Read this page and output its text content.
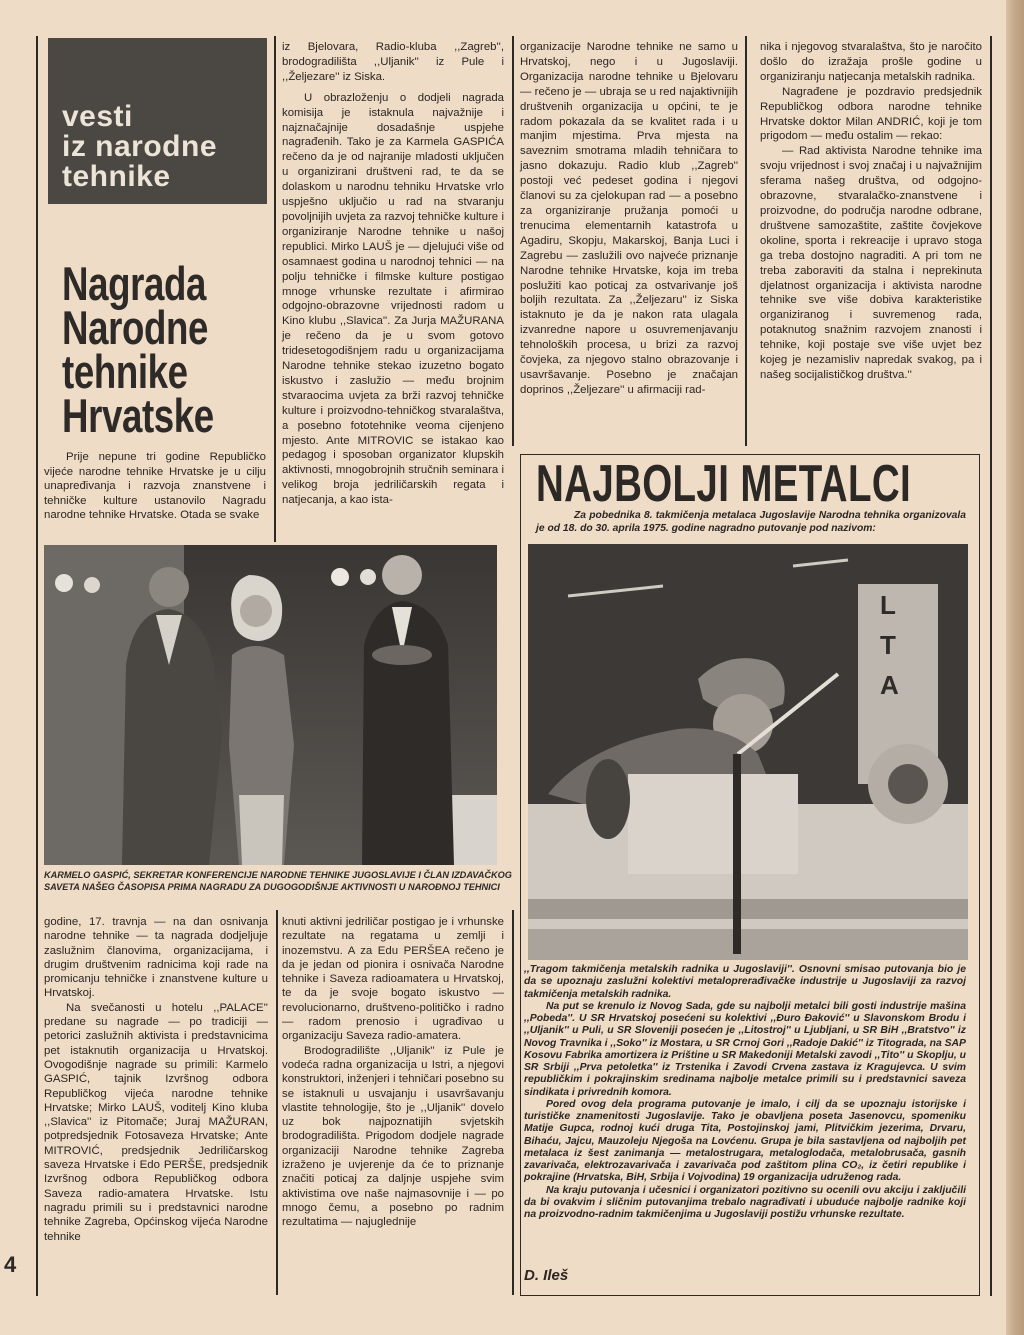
vesti
iz narodne
tehnike
Nagrada
Narodne
tehnike
Hrvatske

Prije nepune tri godine Republičko vijeće narodne tehnike Hrvatske je u cilju unapređivanja i razvoja znanstvene i tehničke kulture ustanovilo Nagradu narodne tehnike Hrvatske. Otada se svake

iz Bjelovara, Radio-kluba ,,Zagreb'', brodogradilišta ,,Uljanik'' iz Pule i ,,Željezare'' iz Siska.

U obrazloženju o dodjeli nagrada komisija je istaknula najvažnije i najznačajnije dosadašnje uspjehe nagrađenih. Tako je za Karmela GASPIĆA rečeno da je od najranije mladosti uključen u organizirani društveni rad, te da se dolaskom u narodnu tehniku Hrvatske vrlo uspješno uključio u rad na stvaranju povoljnijih uvjeta za razvoj tehničke kulture i organiziranje Narodne tehnike u našoj republici. Mirko LAUŠ je — djelujući više od osamnaest godina u narodnoj tehnici — na polju tehničke i filmske kulture postigao mnoge vrhunske rezultate i afirmirao odgojno-obrazovne vrijednosti radom u Kino klubu ,,Slavica''. Za Jurja MAŽURANA je rečeno da je u svom gotovo tridesetogodišnjem radu u organizacijama Narodne tehnike stekao izuzetno bogato iskustvo i zaslužio — među brojnim stvaraocima uvjeta za brži razvoj tehničke kulture i proizvodno-tehničkog stvaralaštva, a posebno fototehnike veoma cijenjeno mjesto. Ante MITROVIC se istakao kao pedagog i sposoban organizator klupskih aktivnosti, mnogobrojnih stručnih seminara i velikog broja jedriličarskih regata i natjecanja, a kao ista-

organizacije Narodne tehnike ne samo u Hrvatskoj, nego i u Jugoslaviji. Organizacija narodne tehnike u Bjelovaru — rečeno je — ubraja se u red najaktivnijih društvenih organizacija u općini, te je radom pokazala da se kvalitet rada i u manjim mjestima. Prva mjesta na saveznim smotrama mladih tehničara to jasno dokazuju. Radio klub ,,Zagreb'' postoji već pedeset godina i njegovi članovi su za cjelokupan rad — a posebno za organiziranje pružanja pomoći u trenucima elementarnih katastrofa u Agadiru, Skopju, Makarskoj, Banja Luci i Zagrebu — zaslužili ovo najveće priznanje Narodne tehnike Hrvatske, koja im treba poslužiti kao poticaj za ostvarivanje još boljih rezultata. Za ,,Željezaru'' iz Siska istaknuto je da je nakon rata ulagala izvanredne napore u osuvremenjavanju tehnoloških procesa, u brizi za razvoj čovjeka, za njegovo stalno obrazovanje i usavršavanje. Posebno je značajan doprinos ,,Željezare'' u afirmaciji rad-

nika i njegovog stvaralaštva, što je naročito došlo do izražaja prošle godine u organiziranju natjecanja metalskih radnika.

Nagrađene je pozdravio predsjednik Republičkog odbora narodne tehnike Hrvatske doktor Milan ANDRIĆ, koji je tom prigodom — među ostalim — rekao:

— Rad aktivista Narodne tehnike ima svoju vrijednost i svoj značaj i u najvažnijim sferama našeg društva, od odgojno-obrazovne, stvaralačko-znanstvene i proizvodne, do područja narodne odbrane, društvene samozaštite, zaštite čovjekove okoline, sporta i rekreacije i upravo stoga ga treba dostojno nagraditi. A pri tom ne treba zaboraviti da stalna i neprekinuta djelatnost organizacija i aktivista narodne tehnike sve više dobiva karakteristike organiziranog i suvremenog rada, potaknutog snažnim razvojem znanosti i tehnike, koji postaje sve više uvjet bez kojeg je nezamisliv napredak svakog, pa i našeg socijalističkog društva.''

KARMELO GASPIĆ, SEKRETAR KONFERENCIJE NARODNE TEHNIKE JUGOSLAVIJE I ČLAN IZDAVAČKOG SAVETA NAŠEG ČASOPISA PRIMA NAGRADU ZA DUGOGODIŠNJE AKTIVNOSTI U NAROĐNOJ TEHNICI

godine, 17. travnja — na dan osnivanja narodne tehnike — ta nagrada dodjeljuje zaslužnim članovima, organizacijama, i drugim društvenim radnicima koji rade na promicanju tehničke i znanstvene kulture u Hrvatskoj.

Na svečanosti u hotelu ,,PALACE'' predane su nagrade — po tradiciji — petorici zaslužnih aktivista i predstavnicima pet istaknutih organizacija u Hrvatskoj. Ovogodišnje nagrade su primili: Karmelo GASPIĆ, tajnik Izvršnog odbora Republičkog vijeća narodne tehnike Hrvatske; Mirko LAUŠ, voditelj Kino kluba ,,Slavica'' iz Pitomače; Juraj MAŽURAN, potpredsjednik Fotosaveza Hrvatske; Ante MITROVIĆ, predsjednik Jedriličarskog saveza Hrvatske i Edo PERŠE, predsjednik Izvršnog odbora Republičkog odbora Saveza radio-amatera Hrvatske. Istu nagradu primili su i predstavnici narodne tehnike Zagreba, Općinskog vijeća Narodne tehnike

knuti aktivni jedriličar postigao je i vrhunske rezultate na regatama u zemlji i inozemstvu. A za Edu PERŠEA rečeno je da je jedan od pionira i osnivača Narodne tehnike i Saveza radioamatera u Hrvatskoj, te da je svoje bogato iskustvo — revolucionarno, društveno-političko i radno — radom prenosio i ugrađivao u organizaciju Saveza radio-amatera.

Brodogradilište ,,Uljanik'' iz Pule je vodeća radna organizacija u Istri, a njegovi konstruktori, inženjeri i tehničari posebno su se istaknuli u usvajanju i usavršavanju vlastite tehnologije, što je ,,Uljanik'' dovelo uz bok najpoznatijih svjetskih brodogradilišta. Prigodom dodjele nagrade organizaciji Narodne tehnike Zagreba izraženo je uvjerenje da će to priznanje značiti poticaj za daljnje uspjehe svim aktivistima ove naše najmasovnije i — po mnogo čemu, a posebno po radnim rezultatima — najuglednije

NAJBOLJI METALCI

Za pobednika 8. takmičenja metalaca Jugoslavije Narodna tehnika organizovala je od 18. do 30. aprila 1975. godine nagradno putovanje pod nazivom:

L T A

,,Tragom takmičenja metalskih radnika u Jugoslaviji''. Osnovni smisao putovanja bio je da se upoznaju zaslužni kolektivi metaloprerađivačke industrije u Jugoslaviji za razvoj takmičenja metalskih radnika.

Na put se krenulo iz Novog Sada, gde su najbolji metalci bili gosti industrije mašina ,,Pobeda''. U SR Hrvatskoj posećeni su kolektivi ,,Đuro Đaković'' u Slavonskom Brodu i ,,Uljanik'' u Puli, u SR Sloveniji posećen je ,,Litostroj'' u Ljubljani, u SR BiH ,,Bratstvo'' iz Novog Travnika i ,,Soko'' iz Mostara, u SR Crnoj Gori ,,Radoje Dakić'' iz Titograda, na SAP Kosovu Fabrika amortizera iz Prištine u SR Makedoniji Metalski zavodi ,,Tito'' u Skoplju, u SR Srbiji ,,Prva petoletka'' iz Trstenika i Zavodi Crvena zastava iz Kragujevca. U svim republičkim i pokrajinskim sredinama najbolje metalce primili su i predstavnici saveza sindikata i privrednih komora.

Pored ovog dela programa putovanje je imalo, i cilj da se upoznaju istorijske i turističke znamenitosti Jugoslavije. Tako je obavljena poseta Jasenovcu, spomeniku Matije Gupca, rodnoj kući druga Tita, Postojinskoj jami, Plitvičkim jezerima, Drvaru, Bihaću, Jajcu, Mauzoleju Njegoša na Lovćenu. Grupa je bila sastavljena od najboljih pet metalaca iz šest zanimanja — metalostrugara, metaloglodača, metalobrusača, gasnih zavarivača, elektrozavarivača i zavarivača pod zaštitom plina CO₂, iz četiri republike i pokrajine (Hrvatska, BiH, Srbija i Vojvodina) 19 organizacija udruženog rada.

Na kraju putovanja i učesnici i organizatori pozitivno su ocenili ovu akciju i zaključili da bi ovakvim i sličnim putovanjima trebalo nagrađivati i ubuduće najbolje radnike koji na proizvodno-radnim takmičenjima u Jugoslaviji postižu vrhunske rezultate.

D. Ileš
4
